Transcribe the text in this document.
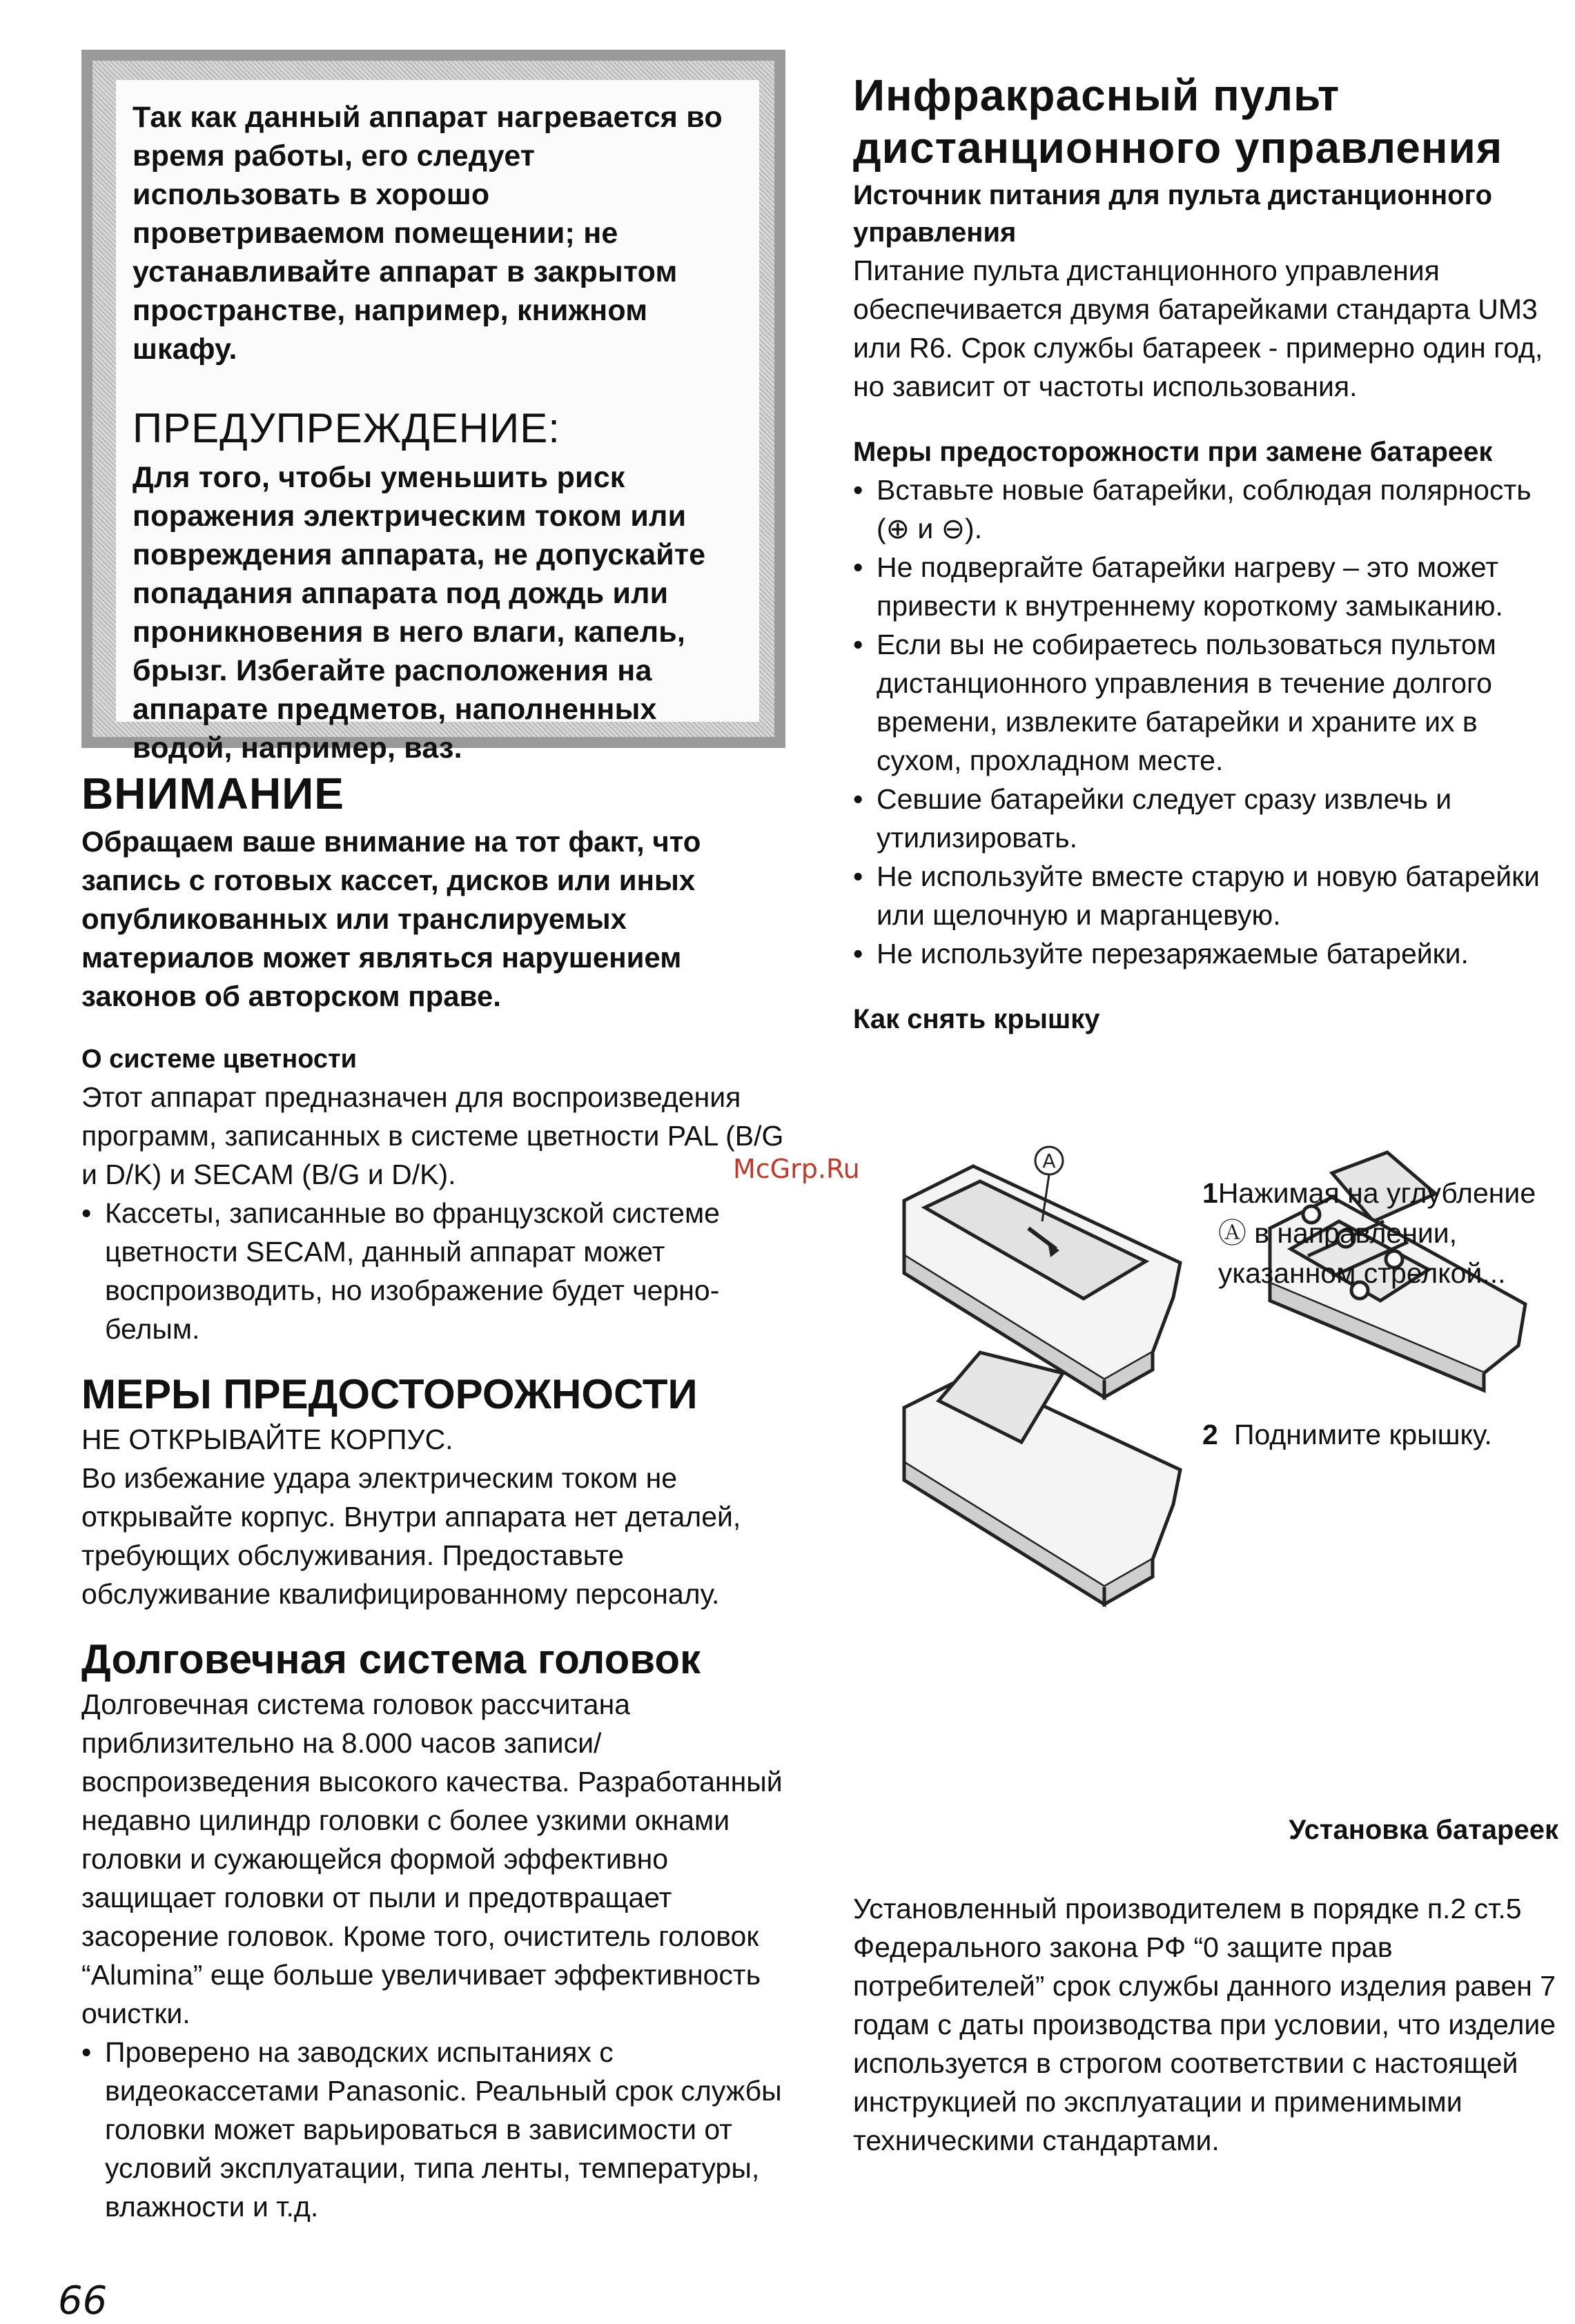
Так как данный аппарат нагревается во время работы, его следует использовать в хорошо проветриваемом помещении; не устанавливайте аппарат в закрытом пространстве, например, книжном шкафу.

ПРЕДУПРЕЖДЕНИЕ:

Для того, чтобы уменьшить риск поражения электрическим током или повреждения аппарата, не допускайте попадания аппарата под дождь или проникновения в него влаги, капель, брызг. Избегайте расположения на аппарате предметов, наполненных водой, например, ваз.

ВНИМАНИЕ

Обращаем ваше внимание на тот факт, что запись с готовых кассет, дисков или иных опубликованных или транслируемых материалов может являться нарушением законов об авторском праве.

О системе цветности

Этот аппарат предназначен для воспроизведения программ, записанных в системе цветности PAL (B/G и D/K) и SECAM (B/G и D/K).

• Кассеты, записанные во французской системе цветности SECAM, данный аппарат может воспроизводить, но изображение будет черно-белым.
МЕРЫ ПРЕДОСТОРОЖНОСТИ

НЕ ОТКРЫВАЙТЕ КОРПУС.

Во избежание удара электрическим током не открывайте корпус. Внутри аппарата нет деталей, требующих обслуживания. Предоставьте обслуживание квалифицированному персоналу.

Долговечная система головок

Долговечная система головок рассчитана приблизительно на 8.000 часов записи/ воспроизведения высокого качества. Разработанный недавно цилиндр головки с более узкими окнами головки и сужающейся формой эффективно защищает головки от пыли и предотвращает засорение головок. Кроме того, очиститель головок “Alumina” еще больше увеличивает эффективность очистки.

• Проверено на заводских испытаниях с видеокассетами Panasonic. Реальный срок службы головки может варьироваться в зависимости от условий эксплуатации, типа ленты, температуры, влажности и т.д.
Инфракрасный пульт дистанционного управления

Источник питания для пульта дистанционного управления

Питание пульта дистанционного управления обеспечивается двумя батарейками стандарта UM3 или R6. Срок службы батареек - примерно один год, но зависит от частоты использования.

Меры предосторожности при замене батареек

• Вставьте новые батарейки, соблюдая полярность (⊕ и ⊖).
• Не подвергайте батарейки нагреву – это может привести к внутреннему короткому замыканию.
• Если вы не собираетесь пользоваться пультом дистанционного управления в течение долгого времени, извлеките батарейки и храните их в сухом, прохладном месте.
• Севшие батарейки следует сразу извлечь и утилизировать.
• Не используйте вместе старую и новую батарейки или щелочную и марганцевую.
• Не используйте перезаряжаемые батарейки.

Как снять крышку

A
1 Нажимая на углубление Ⓐ в направлении, указанном стрелкой...
2 Поднимите крышку.

Установка батареек

Установленный производителем в порядке п.2 ст.5 Федерального закона РФ “0 защите прав потребителей” срок службы данного изделия равен 7 годам с даты производства при условии, что изделие используется в строгом соответствии с настоящей инструкцией по эксплуатации и применимыми техническими стандартами.

McGrp.Ru
66
